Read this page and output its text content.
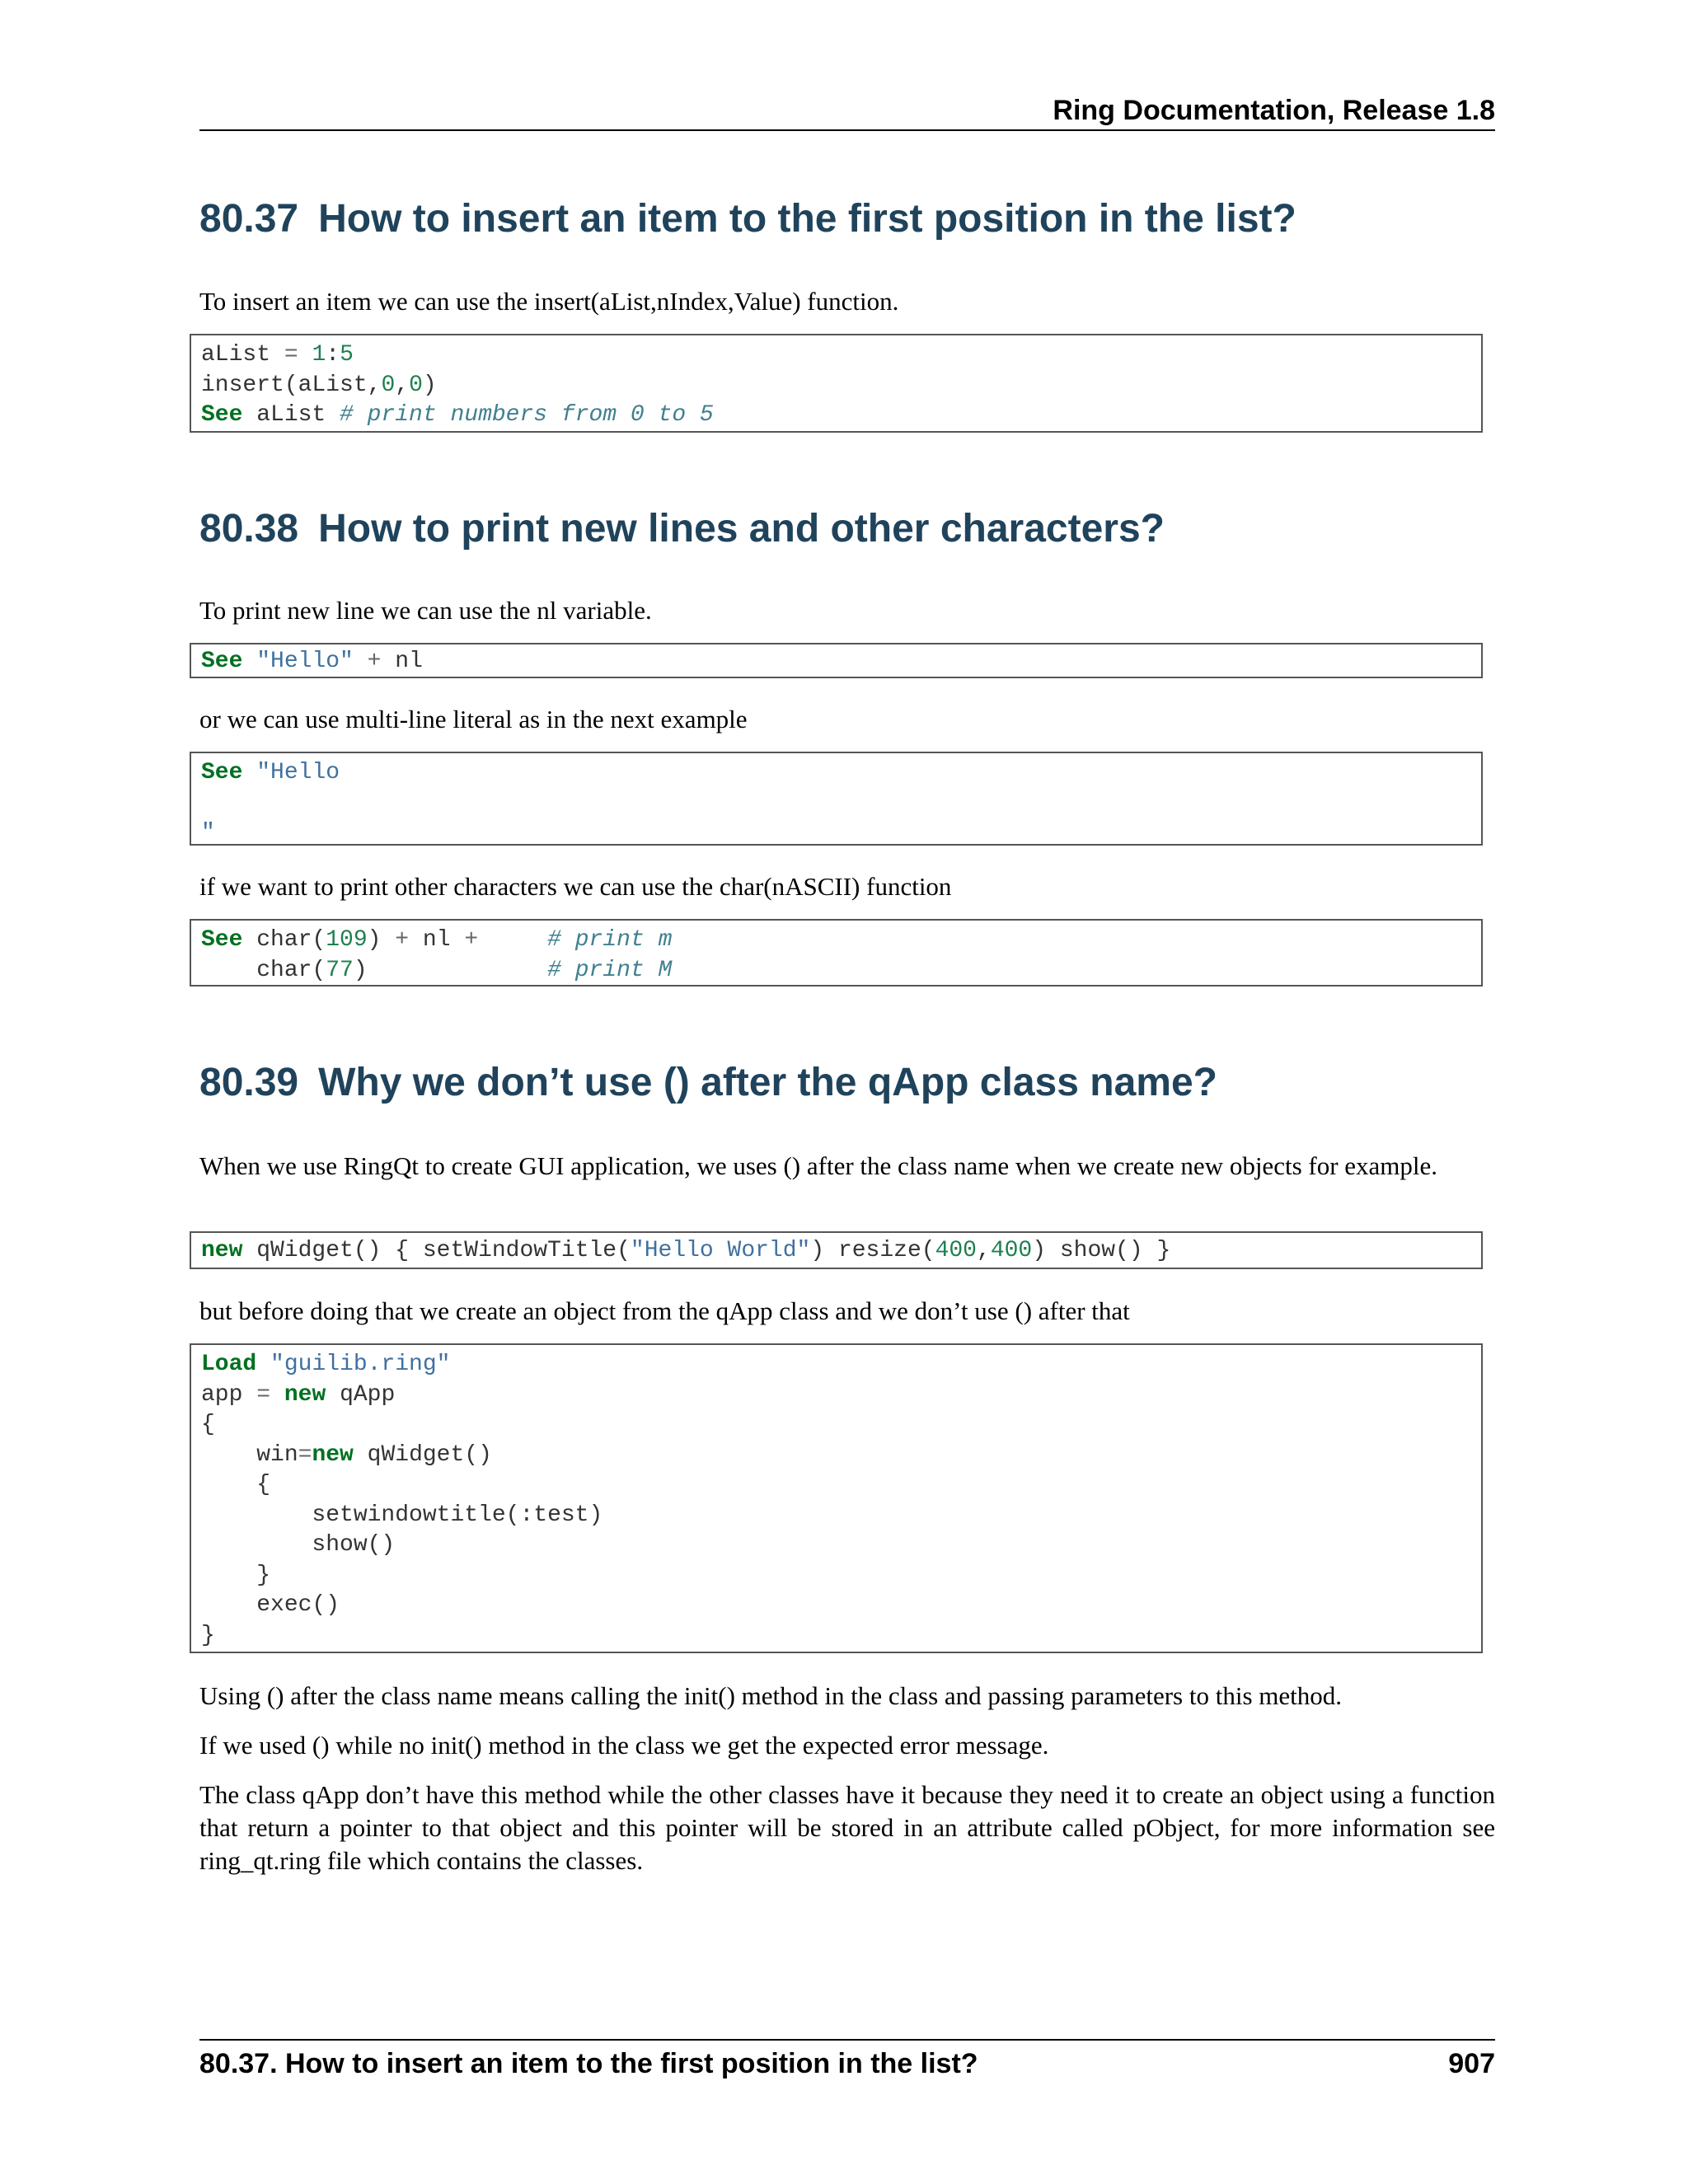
Ring Documentation, Release 1.8
80.37 How to insert an item to the first position in the list?

To insert an item we can use the insert(aList,nIndex,Value) function.

aList = 1:5
insert(aList,0,0)
See aList # print numbers from 0 to 5
80.38 How to print new lines and other characters?

To print new line we can use the nl variable.

See "Hello" + nl

or we can use multi-line literal as in the next example

See "Hello
"

if we want to print other characters we can use the char(nASCII) function

See char(109) + nl +	# print m
char(77)	# print M
80.39 Why we don’t use () after the qApp class name?

When we use RingQt to create GUI application, we uses () after the class name when we create new objects for example.

new qWidget() { setWindowTitle("Hello World") resize(400,400) show() }

but before doing that we create an object from the qApp class and we don’t use () after that

Load "guilib.ring"
app = new qApp
{
win=new qWidget()
{
setwindowtitle(:test)
show()
}
exec()
}

Using () after the class name means calling the init() method in the class and passing parameters to this method.

If we used () while no init() method in the class we get the expected error message.

The class qApp don’t have this method while the other classes have it because they need it to create an object using a function that return a pointer to that object and this pointer will be stored in an attribute called pObject, for more information see ring_qt.ring file which contains the classes.

80.37. How to insert an item to the first position in the list?	907
